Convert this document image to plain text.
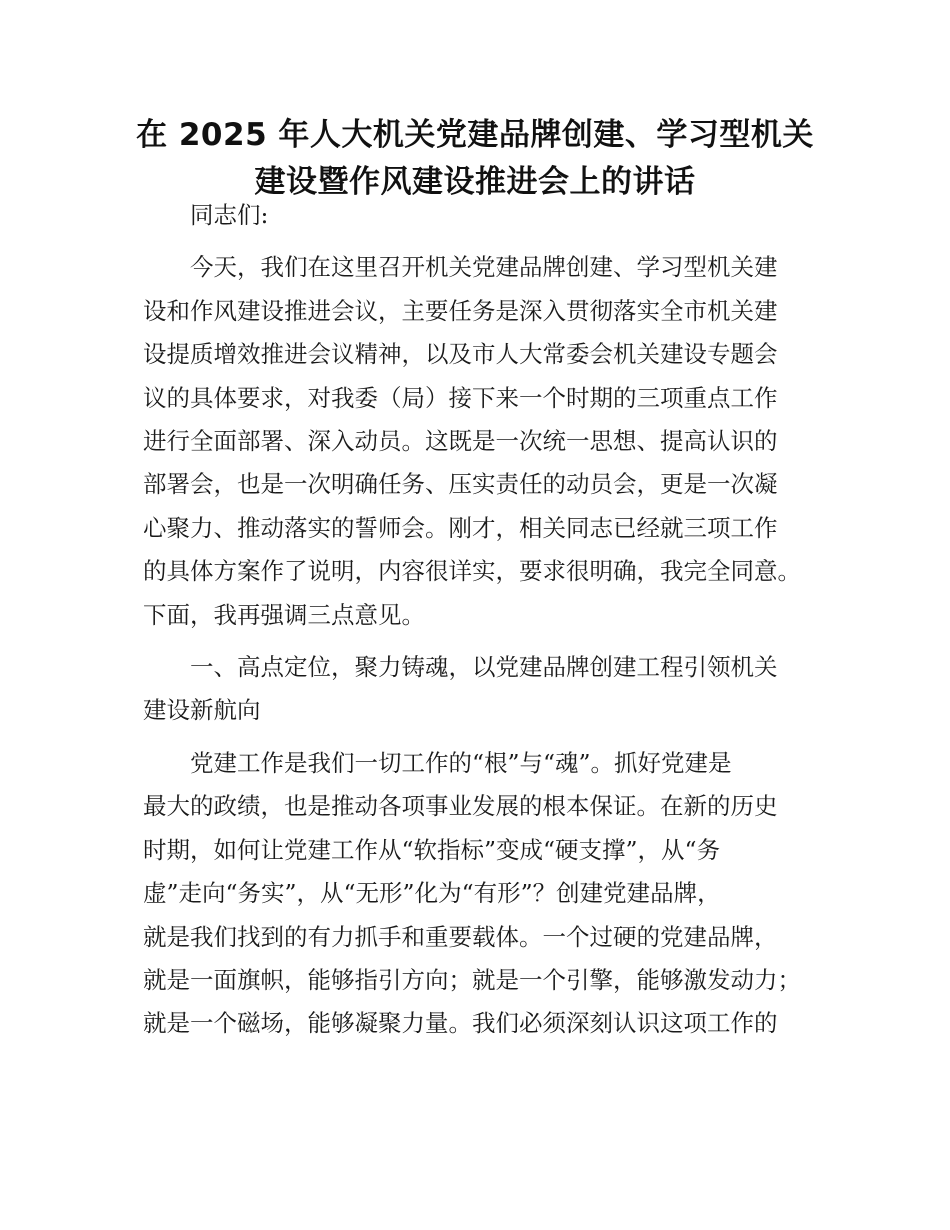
在 2025 年人大机关党建品牌创建、学习型机关
建设暨作风建设推进会上的讲话

同志们:

今天，我们在这里召开机关党建品牌创建、学习型机关建
设和作风建设推进会议，主要任务是深入贯彻落实全市机关建
设提质增效推进会议精神，以及市人大常委会机关建设专题会
议的具体要求，对我委（局）接下来一个时期的三项重点工作
进行全面部署、深入动员。这既是一次统一思想、提高认识的
部署会，也是一次明确任务、压实责任的动员会，更是一次凝
心聚力、推动落实的誓师会。刚才，相关同志已经就三项工作
的具体方案作了说明，内容很详实，要求很明确，我完全同意。
下面，我再强调三点意见。

一、高点定位，聚力铸魂，以党建品牌创建工程引领机关
建设新航向

党建工作是我们一切工作的“根”与“魂”。抓好党建是
最大的政绩，也是推动各项事业发展的根本保证。在新的历史
时期，如何让党建工作从“软指标”变成“硬支撑”，从“务
虚”走向“务实”，从“无形”化为“有形”？创建党建品牌，
就是我们找到的有力抓手和重要载体。一个过硬的党建品牌，
就是一面旗帜，能够指引方向；就是一个引擎，能够激发动力；
就是一个磁场，能够凝聚力量。我们必须深刻认识这项工作的
